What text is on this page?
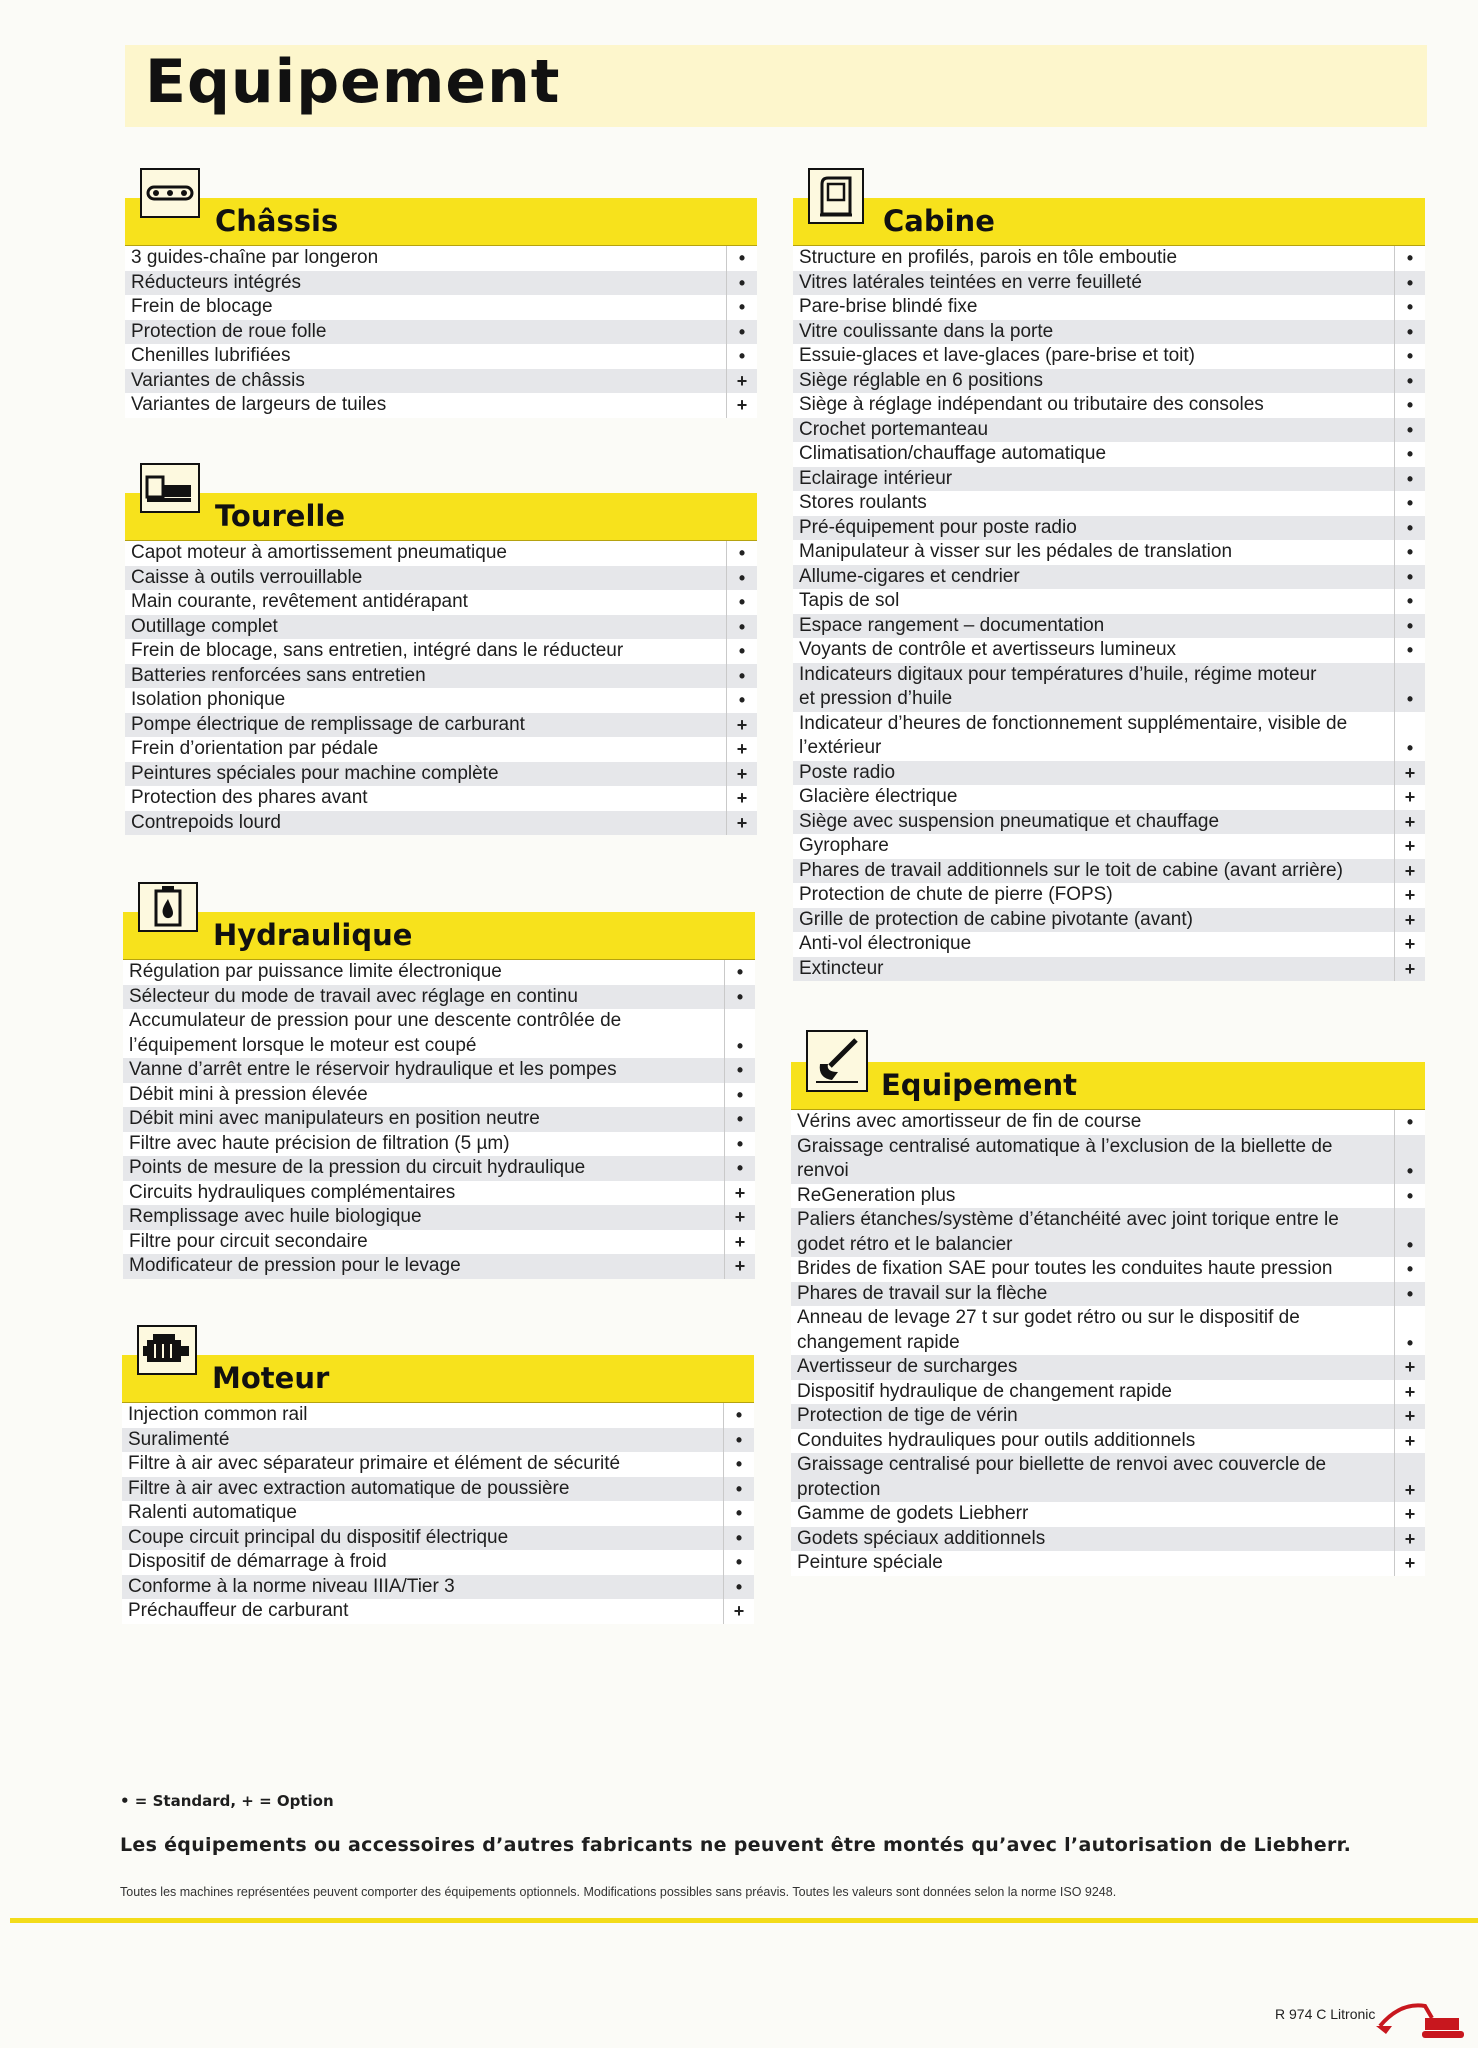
Equipement
Châssis
3 guides-chaîne par longeron	•
Réducteurs intégrés	•
Frein de blocage	•
Protection de roue folle	•
Chenilles lubrifiées	•
Variantes de châssis	+
Variantes de largeurs de tuiles	+
Tourelle
Capot moteur à amortissement pneumatique	•
Caisse à outils verrouillable	•
Main courante, revêtement antidérapant	•
Outillage complet	•
Frein de blocage, sans entretien, intégré dans le réducteur	•
Batteries renforcées sans entretien	•
Isolation phonique	•
Pompe électrique de remplissage de carburant	+
Frein d’orientation par pédale	+
Peintures spéciales pour machine complète	+
Protection des phares avant	+
Contrepoids lourd	+
Hydraulique
Régulation par puissance limite électronique	•
Sélecteur du mode de travail avec réglage en continu	•
Accumulateur de pression pour une descente contrôlée de
l’équipement lorsque le moteur est coupé	•
Vanne d’arrêt entre le réservoir hydraulique et les pompes	•
Débit mini à pression élevée	•
Débit mini avec manipulateurs en position neutre	•
Filtre avec haute précision de filtration (5 µm)	•
Points de mesure de la pression du circuit hydraulique	•
Circuits hydrauliques complémentaires	+
Remplissage avec huile biologique	+
Filtre pour circuit secondaire	+
Modificateur de pression pour le levage	+
Moteur
Injection common rail	•
Suralimenté	•
Filtre à air avec séparateur primaire et élément de sécurité	•
Filtre à air avec extraction automatique de poussière	•
Ralenti automatique	•
Coupe circuit principal du dispositif électrique	•
Dispositif de démarrage à froid	•
Conforme à la norme niveau IIIA/Tier 3	•
Préchauffeur de carburant	+
Cabine
Structure en profilés, parois en tôle emboutie	•
Vitres latérales teintées en verre feuilleté	•
Pare-brise blindé fixe	•
Vitre coulissante dans la porte	•
Essuie-glaces et lave-glaces (pare-brise et toit)	•
Siège réglable en 6 positions	•
Siège à réglage indépendant ou tributaire des consoles	•
Crochet portemanteau	•
Climatisation/chauffage automatique	•
Eclairage intérieur	•
Stores roulants	•
Pré-équipement pour poste radio	•
Manipulateur à visser sur les pédales de translation	•
Allume-cigares et cendrier	•
Tapis de sol	•
Espace rangement – documentation	•
Voyants de contrôle et avertisseurs lumineux	•
Indicateurs digitaux pour températures d’huile, régime moteur
et pression d’huile	•
Indicateur d’heures de fonctionnement supplémentaire, visible de
l’extérieur	•
Poste radio	+
Glacière électrique	+
Siège avec suspension pneumatique et chauffage	+
Gyrophare	+
Phares de travail additionnels sur le toit de cabine (avant arrière)	+
Protection de chute de pierre (FOPS)	+
Grille de protection de cabine pivotante (avant)	+
Anti-vol électronique	+
Extincteur	+
Equipement
Vérins avec amortisseur de fin de course	•
Graissage centralisé automatique à l’exclusion de la biellette de
renvoi	•
ReGeneration plus	•
Paliers étanches/système d’étanchéité avec joint torique entre le
godet rétro et le balancier	•
Brides de fixation SAE pour toutes les conduites haute pression	•
Phares de travail sur la flèche	•
Anneau de levage 27 t sur godet rétro ou sur le dispositif de
changement rapide	•
Avertisseur de surcharges	+
Dispositif hydraulique de changement rapide	+
Protection de tige de vérin	+
Conduites hydrauliques pour outils additionnels	+
Graissage centralisé pour biellette de renvoi avec couvercle de
protection	+
Gamme de godets Liebherr	+
Godets spéciaux additionnels	+
Peinture spéciale	+
• = Standard, + = Option
Les équipements ou accessoires d’autres fabricants ne peuvent être montés qu’avec l’autorisation de Liebherr.
Toutes les machines représentées peuvent comporter des équipements optionnels. Modifications possibles sans préavis. Toutes les valeurs sont données selon la norme ISO 9248.
R 974 C Litronic
